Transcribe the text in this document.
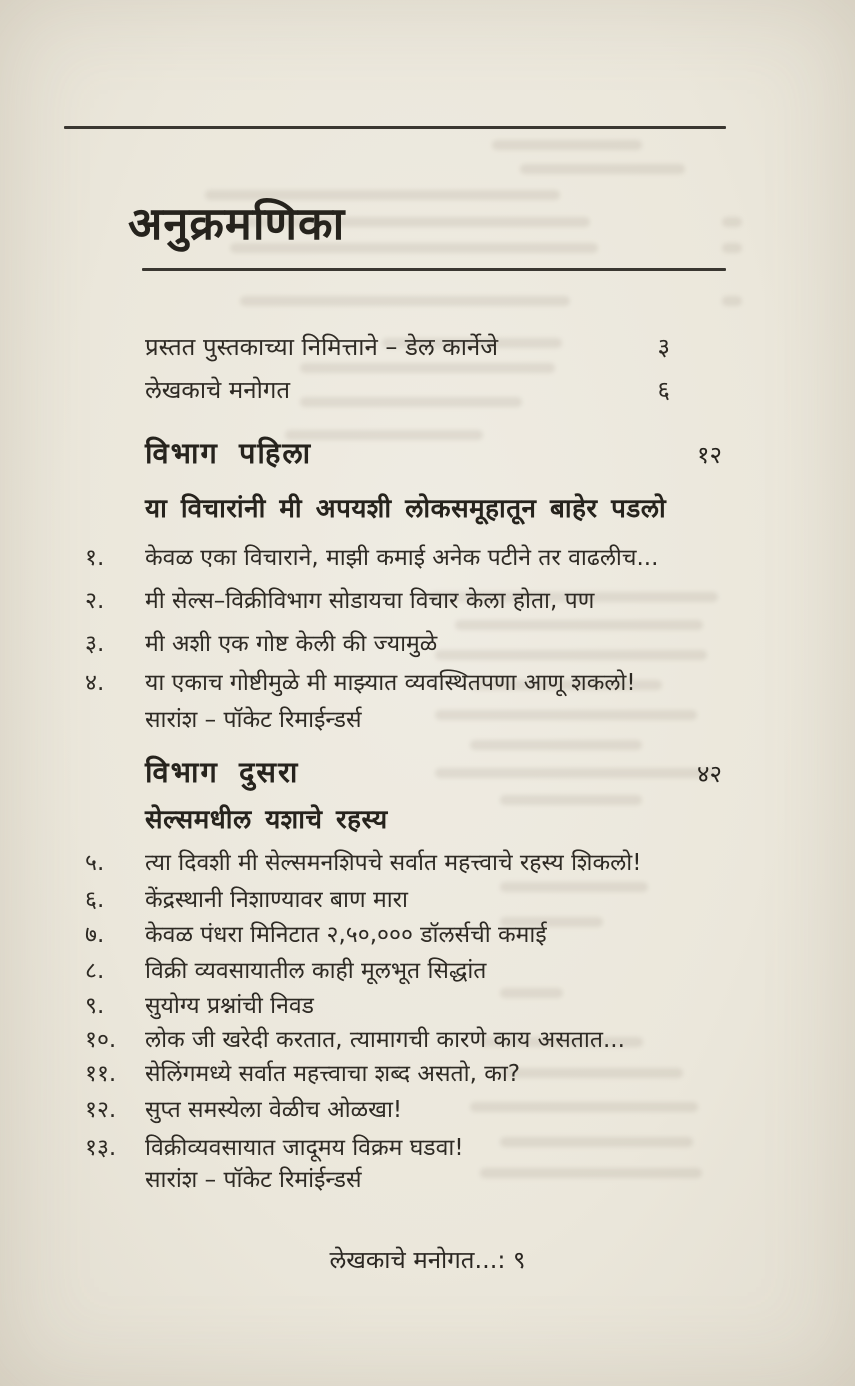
अनुक्रमणिका
प्रस्तत पुस्तकाच्या निमित्ताने – डेल कार्नेजे	३
लेखकाचे मनोगत	६
विभाग पहिला	१२
या विचारांनी मी अपयशी लोकसमूहातून बाहेर पडलो
१.	केवळ एका विचाराने, माझी कमाई अनेक पटीने तर वाढलीच...
२.	मी सेल्स–विक्रीविभाग सोडायचा विचार केला होता, पण
३.	मी अशी एक गोष्ट केली की ज्यामुळे
४.	या एकाच गोष्टीमुळे मी माझ्यात व्यवस्थितपणा आणू शकलो!
सारांश – पॉकेट रिमाईन्डर्स
विभाग दुसरा	४२
सेल्समधील यशाचे रहस्य
५.	त्या दिवशी मी सेल्समनशिपचे सर्वात महत्त्वाचे रहस्य शिकलो!
६.	केंद्रस्थानी निशाण्यावर बाण मारा
७.	केवळ पंधरा मिनिटात २,५०,००० डॉलर्सची कमाई
८.	विक्री व्यवसायातील काही मूलभूत सिद्धांत
९.	सुयोग्य प्रश्नांची निवड
१०.	लोक जी खरेदी करतात, त्यामागची कारणे काय असतात...
११.	सेलिंगमध्ये सर्वात महत्त्वाचा शब्द असतो, का?
१२.	सुप्त समस्येला वेळीच ओळखा!
१३.	विक्रीव्यवसायात जादूमय विक्रम घडवा!
सारांश – पॉकेट रिमांईन्डर्स
लेखकाचे मनोगत...: ९
